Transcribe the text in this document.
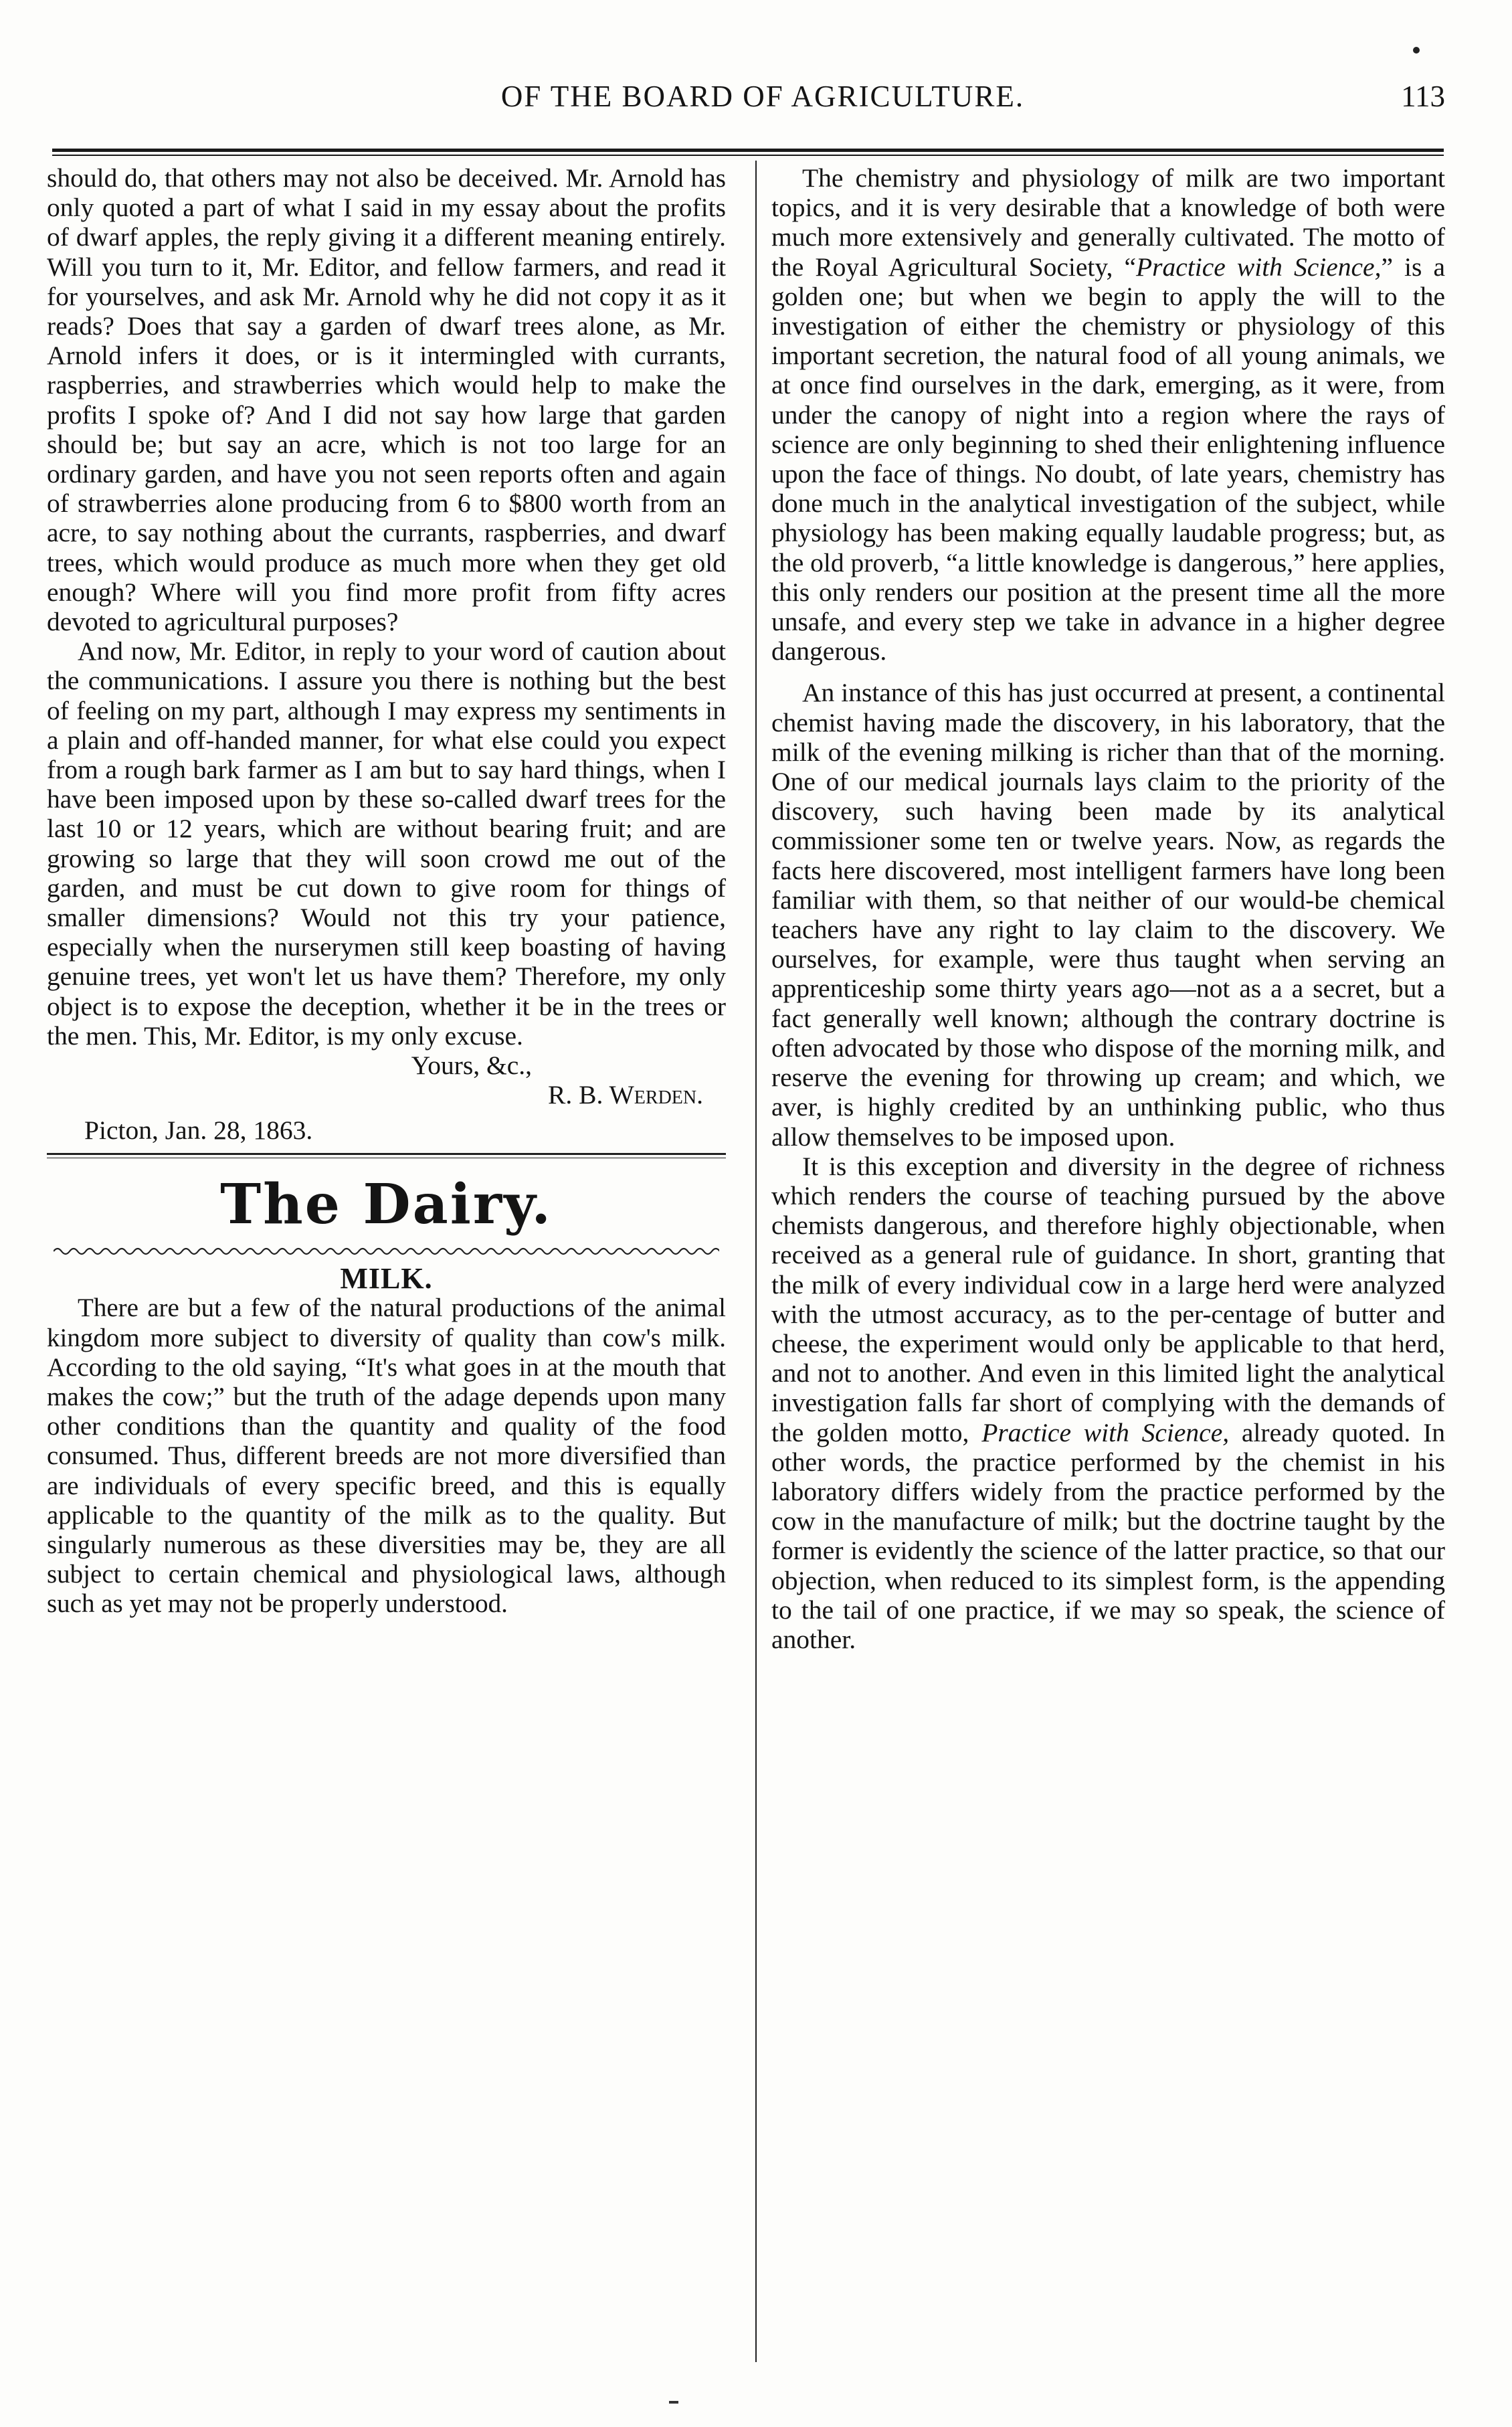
OF THE BOARD OF AGRICULTURE.	113

should do, that others may not also be deceived. Mr. Arnold has only quoted a part of what I said in my essay about the profits of dwarf apples, the reply giving it a different meaning entirely. Will you turn to it, Mr. Editor, and fellow farmers, and read it for yourselves, and ask Mr. Arnold why he did not copy it as it reads? Does that say a garden of dwarf trees alone, as Mr. Arnold infers it does, or is it intermingled with currants, raspberries, and strawberries which would help to make the profits I spoke of? And I did not say how large that garden should be; but say an acre, which is not too large for an ordinary garden, and have you not seen reports often and again of strawberries alone producing from 6 to $800 worth from an acre, to say nothing about the currants, raspberries, and dwarf trees, which would produce as much more when they get old enough? Where will you find more profit from fifty acres devoted to agricultural purposes?

And now, Mr. Editor, in reply to your word of caution about the communications. I assure you there is nothing but the best of feeling on my part, although I may express my sentiments in a plain and off-handed manner, for what else could you expect from a rough bark farmer as I am but to say hard things, when I have been imposed upon by these so-called dwarf trees for the last 10 or 12 years, which are without bearing fruit; and are growing so large that they will soon crowd me out of the garden, and must be cut down to give room for things of smaller dimensions? Would not this try your patience, especially when the nurserymen still keep boasting of having genuine trees, yet won't let us have them? Therefore, my only object is to expose the deception, whether it be in the trees or the men. This, Mr. Editor, is my only excuse.

Yours, &c.,

R. B. Werden.

Picton, Jan. 28, 1863.

The Dairy.

MILK.

There are but a few of the natural productions of the animal kingdom more subject to diversity of quality than cow's milk. According to the old saying, “It's what goes in at the mouth that makes the cow;” but the truth of the adage depends upon many other conditions than the quantity and quality of the food consumed. Thus, different breeds are not more diversified than are individuals of every specific breed, and this is equally applicable to the quantity of the milk as to the quality. But singularly numerous as these diversities may be, they are all subject to certain chemical and physiological laws, although such as yet may not be properly understood.

The chemistry and physiology of milk are two important topics, and it is very desirable that a knowledge of both were much more extensively and generally cultivated. The motto of the Royal Agricultural Society, “Practice with Science,” is a golden one; but when we begin to apply the will to the investigation of either the chemistry or physiology of this important secretion, the natural food of all young animals, we at once find ourselves in the dark, emerging, as it were, from under the canopy of night into a region where the rays of science are only beginning to shed their enlightening influence upon the face of things. No doubt, of late years, chemistry has done much in the analytical investigation of the subject, while physiology has been making equally laudable progress; but, as the old proverb, “a little knowledge is dangerous,” here applies, this only renders our position at the present time all the more unsafe, and every step we take in advance in a higher degree dangerous.

An instance of this has just occurred at present, a continental chemist having made the discovery, in his laboratory, that the milk of the evening milking is richer than that of the morning. One of our medical journals lays claim to the priority of the discovery, such having been made by its analytical commissioner some ten or twelve years. Now, as regards the facts here discovered, most intelligent farmers have long been familiar with them, so that neither of our would-be chemical teachers have any right to lay claim to the discovery. We ourselves, for example, were thus taught when serving an apprenticeship some thirty years ago—not as a a secret, but a fact generally well known; although the contrary doctrine is often advocated by those who dispose of the morning milk, and reserve the evening for throwing up cream; and which, we aver, is highly credited by an unthinking public, who thus allow themselves to be imposed upon.

It is this exception and diversity in the degree of richness which renders the course of teaching pursued by the above chemists dangerous, and therefore highly objectionable, when received as a general rule of guidance. In short, granting that the milk of every individual cow in a large herd were analyzed with the utmost accuracy, as to the per-centage of butter and cheese, the experiment would only be applicable to that herd, and not to another. And even in this limited light the analytical investigation falls far short of complying with the demands of the golden motto, Practice with Science, already quoted. In other words, the practice performed by the chemist in his laboratory differs widely from the practice performed by the cow in the manufacture of milk; but the doctrine taught by the former is evidently the science of the latter practice, so that our objection, when reduced to its simplest form, is the appending to the tail of one practice, if we may so speak, the science of another.
